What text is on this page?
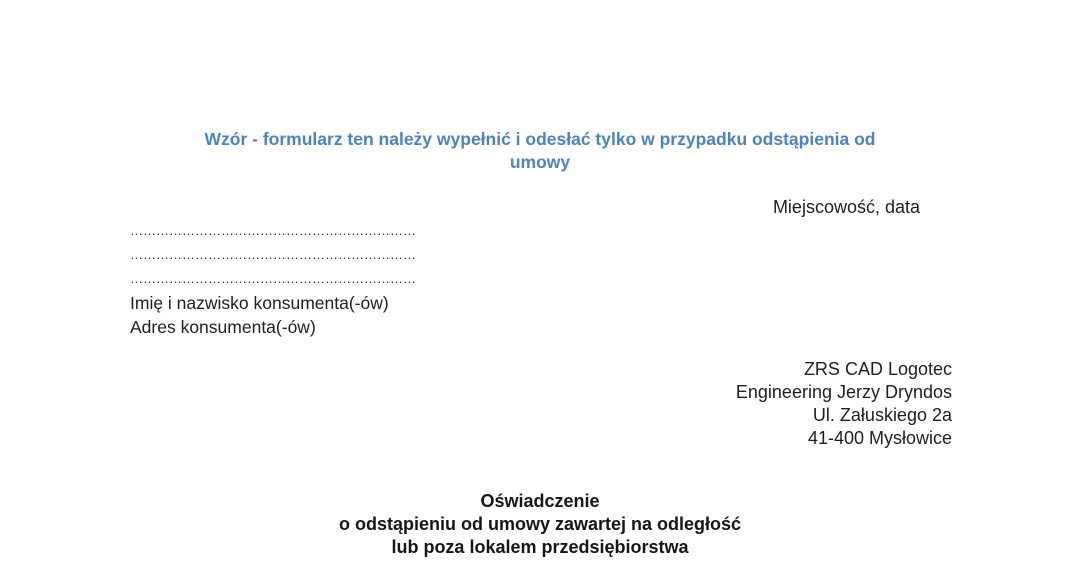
Wzór - formularz ten należy wypełnić i odesłać tylko w przypadku odstąpienia od
umowy
Miejscowość, data
…………………………………………………………
…………………………………………………………
…………………………………………………………
Imię i nazwisko konsumenta(-ów)
Adres konsumenta(-ów)
ZRS CAD Logotec
Engineering Jerzy Dryndos
Ul. Załuskiego 2a
41-400 Mysłowice
Oświadczenie
o odstąpieniu od umowy zawartej na odległość
lub poza lokalem przedsiębiorstwa
